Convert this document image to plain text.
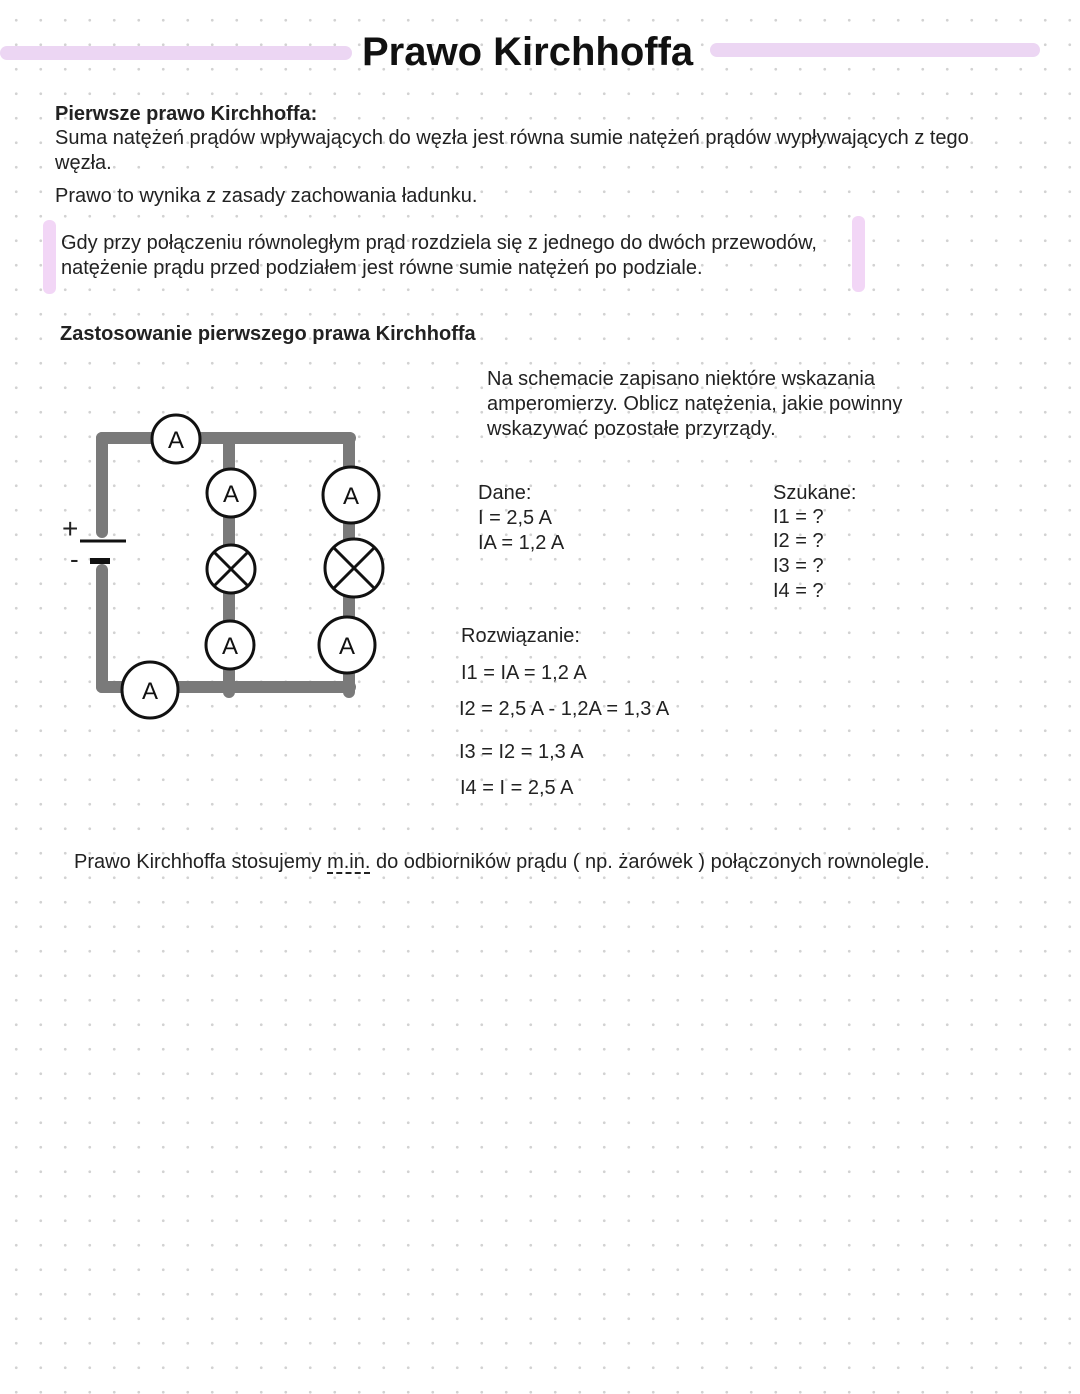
Prawo Kirchhoffa
Pierwsze prawo Kirchhoffa:
Suma natężeń prądów wpływających do węzła jest równa sumie natężeń prądów wypływających z tego
węzła.
Prawo to wynika z zasady zachowania ładunku.
Gdy przy połączeniu równoległym prąd rozdziela się z jednego do dwóch przewodów,
natężenie prądu przed podziałem jest równe sumie natężeń po podziale.
Zastosowanie pierwszego prawa Kirchhoffa
Na schemacie zapisano niektóre wskazania
amperomierzy. Oblicz natężenia, jakie powinny
wskazywać pozostałe przyrządy.
+
-
A
A	A
A	A
A
Dane:
I = 2,5 A
IA = 1,2 A
Szukane:
I1 = ?
I2 = ?
I3 = ?
I4 = ?
Rozwiązanie:
I1 = IA = 1,2 A
I2 = 2,5 A - 1,2A = 1,3 A
I3 = I2 = 1,3 A
I4 = I = 2,5 A
Prawo Kirchhoffa stosujemy m.in. do odbiorników prądu ( np. żarówek ) połączonych rownolegle.
